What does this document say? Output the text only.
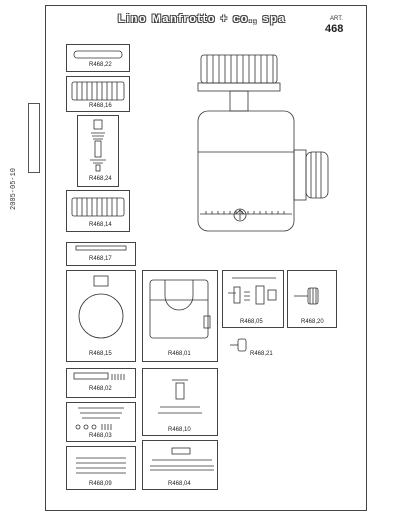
2005-05-10
Lino Manfrotto + co., spa	ART.
468
R468,22
R468,16
R468,24
R468,14
R468,17
R468,15	R468,01
R468,05	R468,20
R468,21
R468,02
R468,03
R468,10
R468,09	R468,04
